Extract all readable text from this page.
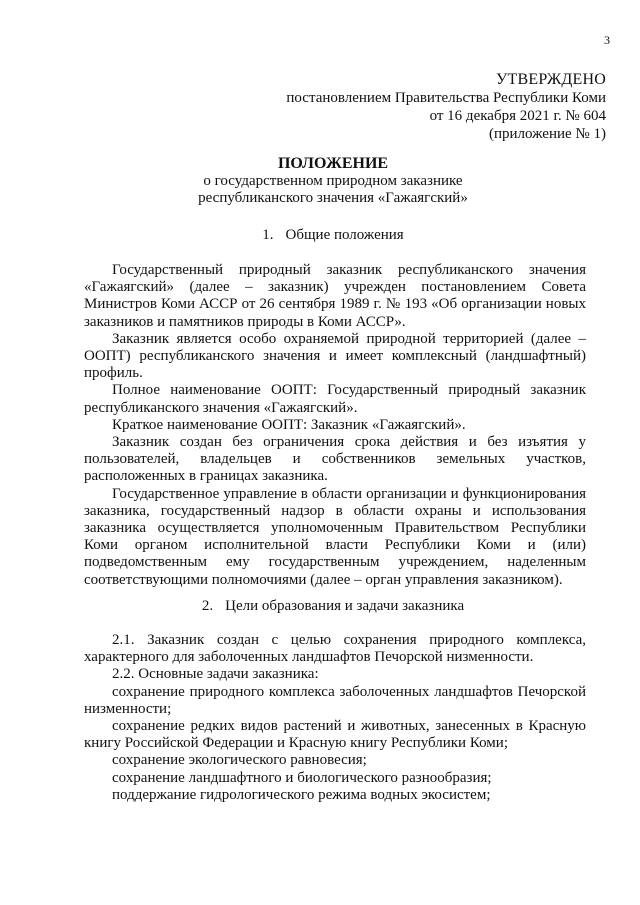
3
УТВЕРЖДЕНО
постановлением Правительства Республики Коми
от 16 декабря 2021 г. № 604
(приложение № 1)
ПОЛОЖЕНИЕ
о государственном природном заказнике
республиканского значения «Гажаягский»
1. Общие положения

Государственный природный заказник республиканского значения «Гажаягский» (далее – заказник) учрежден постановлением Совета Министров Коми АССР от 26 сентября 1989 г. № 193 «Об организации новых заказников и памятников природы в Коми АССР».

Заказник является особо охраняемой природной территорией (далее – ООПТ) республиканского значения и имеет комплексный (ландшафтный) профиль.

Полное наименование ООПТ: Государственный природный заказник республиканского значения «Гажаягский».

Краткое наименование ООПТ: Заказник «Гажаягский».

Заказник создан без ограничения срока действия и без изъятия у пользователей, владельцев и собственников земельных участков, расположенных в границах заказника.

Государственное управление в области организации и функционирования заказника, государственный надзор в области охраны и использования заказника осуществляется уполномоченным Правительством Республики Коми органом исполнительной власти Республики Коми и (или) подведомственным ему государственным учреждением, наделенным соответствующими полномочиями (далее – орган управления заказником).

2. Цели образования и задачи заказника

2.1. Заказник создан с целью сохранения природного комплекса, характерного для заболоченных ландшафтов Печорской низменности.

2.2. Основные задачи заказника:

сохранение природного комплекса заболоченных ландшафтов Печорской низменности;

сохранение редких видов растений и животных, занесенных в Красную книгу Российской Федерации и Красную книгу Республики Коми;

сохранение экологического равновесия;

сохранение ландшафтного и биологического разнообразия;

поддержание гидрологического режима водных экосистем;
